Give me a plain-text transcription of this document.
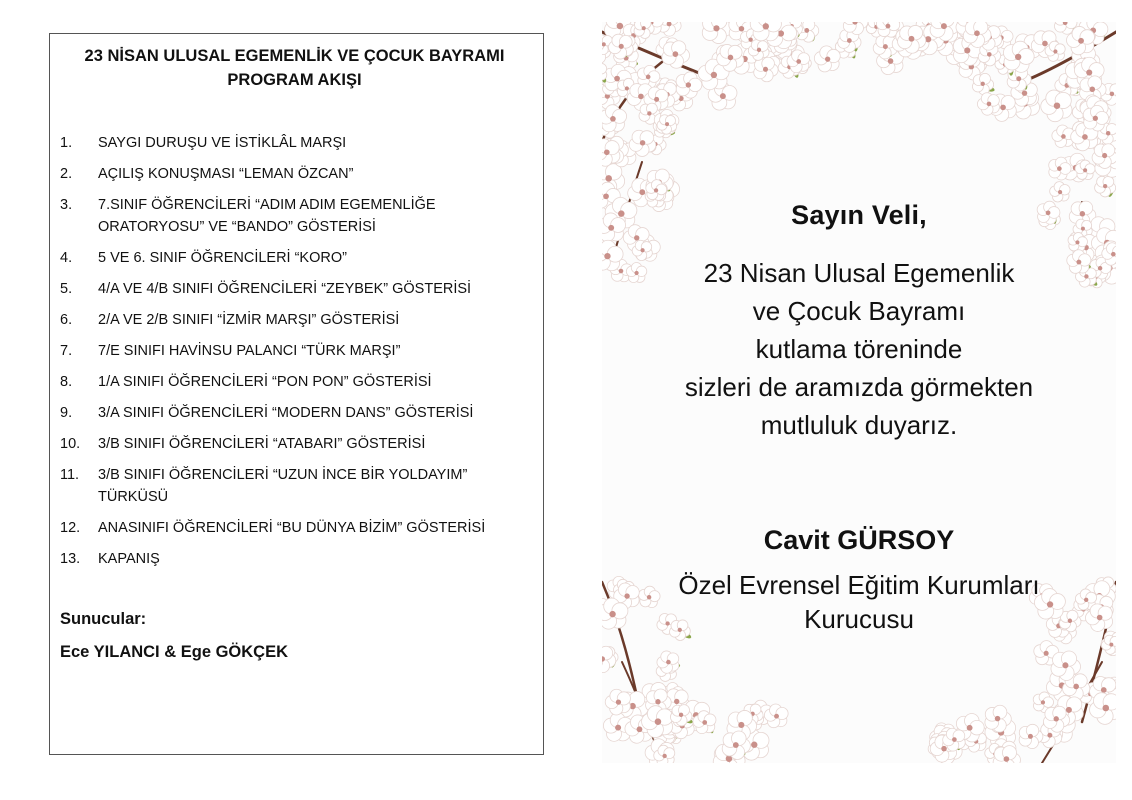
23 NİSAN ULUSAL EGEMENLİK VE ÇOCUK BAYRAMI
PROGRAM AKIŞI
1.	SAYGI DURUŞU VE İSTİKLÂL MARŞI
2.	AÇILIŞ KONUŞMASI “LEMAN ÖZCAN”
3.	7.SINIF ÖĞRENCİLERİ “ADIM ADIM EGEMENLİĞE ORATORYOSU” VE “BANDO” GÖSTERİSİ
4.	5 VE 6. SINIF ÖĞRENCİLERİ “KORO”
5.	4/A VE 4/B SINIFI ÖĞRENCİLERİ “ZEYBEK” GÖSTERİSİ
6.	2/A VE 2/B SINIFI “İZMİR MARŞI” GÖSTERİSİ
7.	7/E SINIFI HAVİNSU PALANCI “TÜRK MARŞI”
8.	1/A SINIFI ÖĞRENCİLERİ “PON PON” GÖSTERİSİ
9.	3/A SINIFI ÖĞRENCİLERİ “MODERN DANS” GÖSTERİSİ
10.	3/B SINIFI ÖĞRENCİLERİ “ATABARI” GÖSTERİSİ
11.	3/B SINIFI ÖĞRENCİLERİ “UZUN İNCE BİR YOLDAYIM” TÜRKÜSÜ
12.	ANASINIFI ÖĞRENCİLERİ “BU DÜNYA BİZİM” GÖSTERİSİ
13.	KAPANIŞ
Sunucular:
Ece YILANCI & Ege GÖKÇEK
Sayın Veli,
23 Nisan Ulusal Egemenlik
ve Çocuk Bayramı
kutlama töreninde
sizleri de aramızda görmekten
mutluluk duyarız.
Cavit GÜRSOY
Özel Evrensel Eğitim Kurumları
Kurucusu
